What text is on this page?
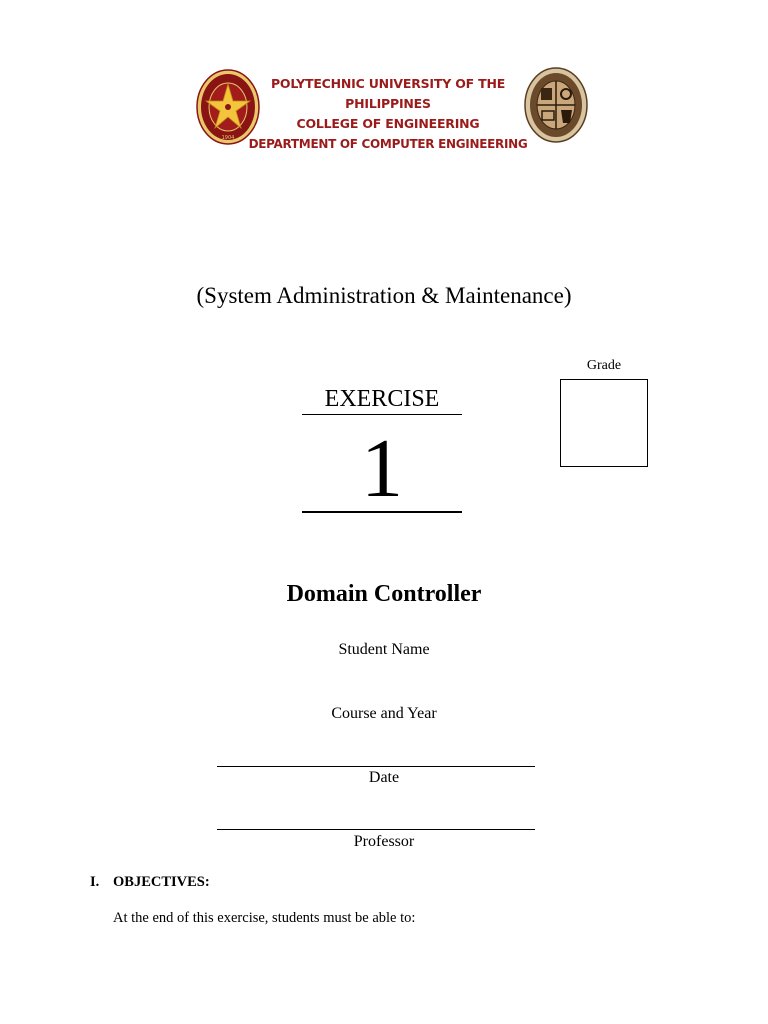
1904
POLYTECHNIC UNIVERSITY OF THE PHILIPPINES
COLLEGE OF ENGINEERING
DEPARTMENT OF COMPUTER ENGINEERING
(System Administration & Maintenance)
Grade
EXERCISE
1
Domain Controller
Student Name
Course and Year
Date
Professor
I. OBJECTIVES:
At the end of this exercise, students must be able to:
